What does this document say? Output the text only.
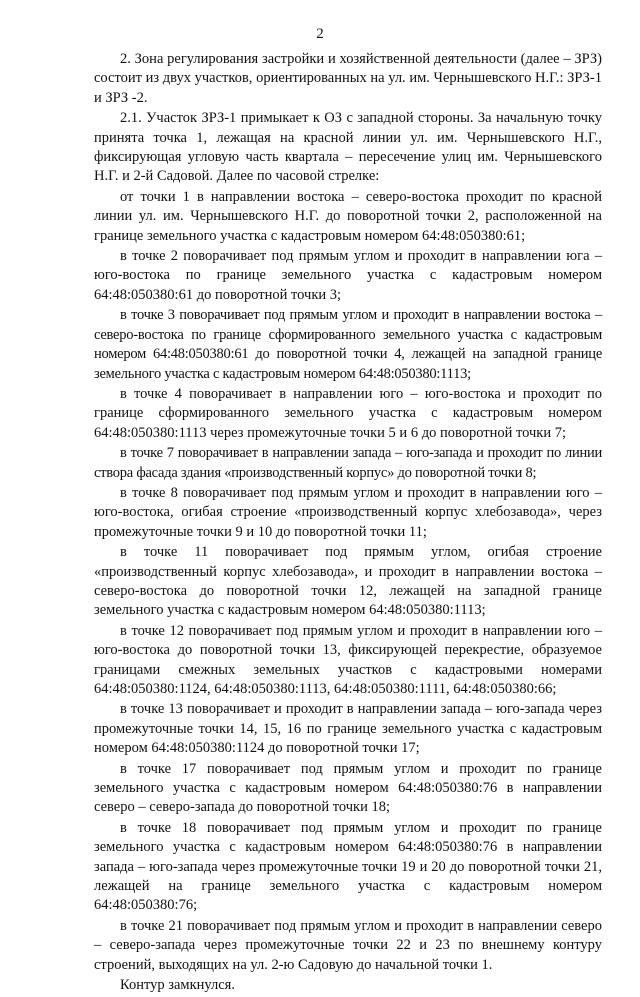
2

2. Зона регулирования застройки и хозяйственной деятельности (далее – ЗРЗ) состоит из двух участков, ориентированных на ул. им. Чернышевского Н.Г.: ЗРЗ-1 и ЗРЗ -2.

2.1. Участок ЗРЗ-1 примыкает к ОЗ с западной стороны. За начальную точку принята точка 1, лежащая на красной линии ул. им. Чернышевского Н.Г., фиксирующая угловую часть квартала – пересечение улиц им. Чернышевского Н.Г. и 2-й Садовой. Далее по часовой стрелке:

от точки 1 в направлении востока – северо-востока проходит по красной линии ул. им. Чернышевского Н.Г. до поворотной точки 2, расположенной на границе земельного участка с кадастровым номером 64:48:050380:61;

в точке 2 поворачивает под прямым углом и проходит в направлении юга – юго-востока по границе земельного участка с кадастровым номером 64:48:050380:61 до поворотной точки 3;

в точке 3 поворачивает под прямым углом и проходит в направлении востока – северо-востока по границе сформированного земельного участка с кадастровым номером 64:48:050380:61 до поворотной точки 4, лежащей на западной границе земельного участка с кадастровым номером 64:48:050380:1113;

в точке 4 поворачивает в направлении юго – юго-востока и проходит по границе сформированного земельного участка с кадастровым номером 64:48:050380:1113 через промежуточные точки 5 и 6 до поворотной точки 7;

в точке 7 поворачивает в направлении запада – юго-запада и проходит по линии створа фасада здания «производственный корпус» до поворотной точки 8;

в точке 8 поворачивает под прямым углом и проходит в направлении юго – юго-востока, огибая строение «производственный корпус хлебозавода», через промежуточные точки 9 и 10 до поворотной точки 11;

в точке 11 поворачивает под прямым углом, огибая строение «производственный корпус хлебозавода», и проходит в направлении востока – северо-востока до поворотной точки 12, лежащей на западной границе земельного участка с кадастровым номером 64:48:050380:1113;

в точке 12 поворачивает под прямым углом и проходит в направлении юго – юго-востока до поворотной точки 13, фиксирующей перекрестие, образуемое границами смежных земельных участков с кадастровыми номерами 64:48:050380:1124, 64:48:050380:1113, 64:48:050380:1111, 64:48:050380:66;

в точке 13 поворачивает и проходит в направлении запада – юго-запада через промежуточные точки 14, 15, 16 по границе земельного участка с кадастровым номером 64:48:050380:1124 до поворотной точки 17;

в точке 17 поворачивает под прямым углом и проходит по границе земельного участка с кадастровым номером 64:48:050380:76 в направлении северо – северо-запада до поворотной точки 18;

в точке 18 поворачивает под прямым углом и проходит по границе земельного участка с кадастровым номером 64:48:050380:76 в направлении запада – юго-запада через промежуточные точки 19 и 20 до поворотной точки 21, лежащей на границе земельного участка с кадастровым номером 64:48:050380:76;

в точке 21 поворачивает под прямым углом и проходит в направлении северо – северо-запада через промежуточные точки 22 и 23 по внешнему контуру строений, выходящих на ул. 2-ю Садовую до начальной точки 1.

Контур замкнулся.
